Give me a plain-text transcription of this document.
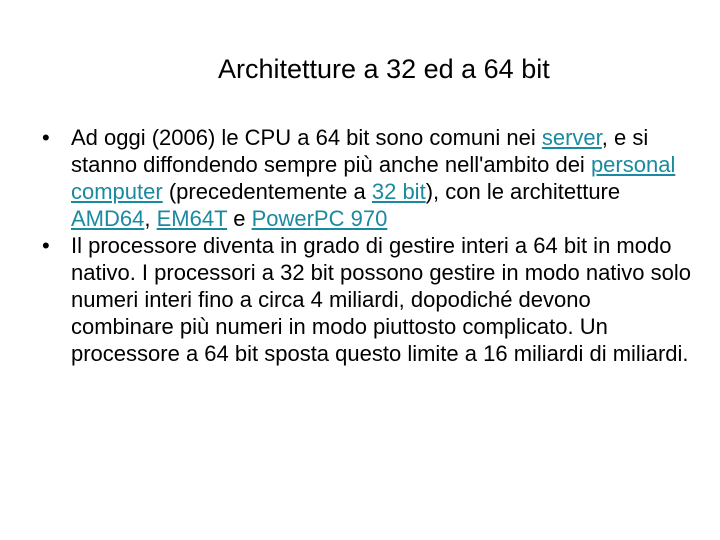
Architetture a 32 ed a 64 bit
• Ad oggi (2006) le CPU a 64 bit sono comuni nei server, e si stanno diffondendo sempre più anche nell'ambito dei personal computer (precedentemente a 32 bit), con le architetture AMD64, EM64T e PowerPC 970
• Il processore diventa in grado di gestire interi a 64 bit in modo nativo. I processori a 32 bit possono gestire in modo nativo solo numeri interi fino a circa 4 miliardi, dopodiché devono combinare più numeri in modo piuttosto complicato. Un processore a 64 bit sposta questo limite a 16 miliardi di miliardi.
